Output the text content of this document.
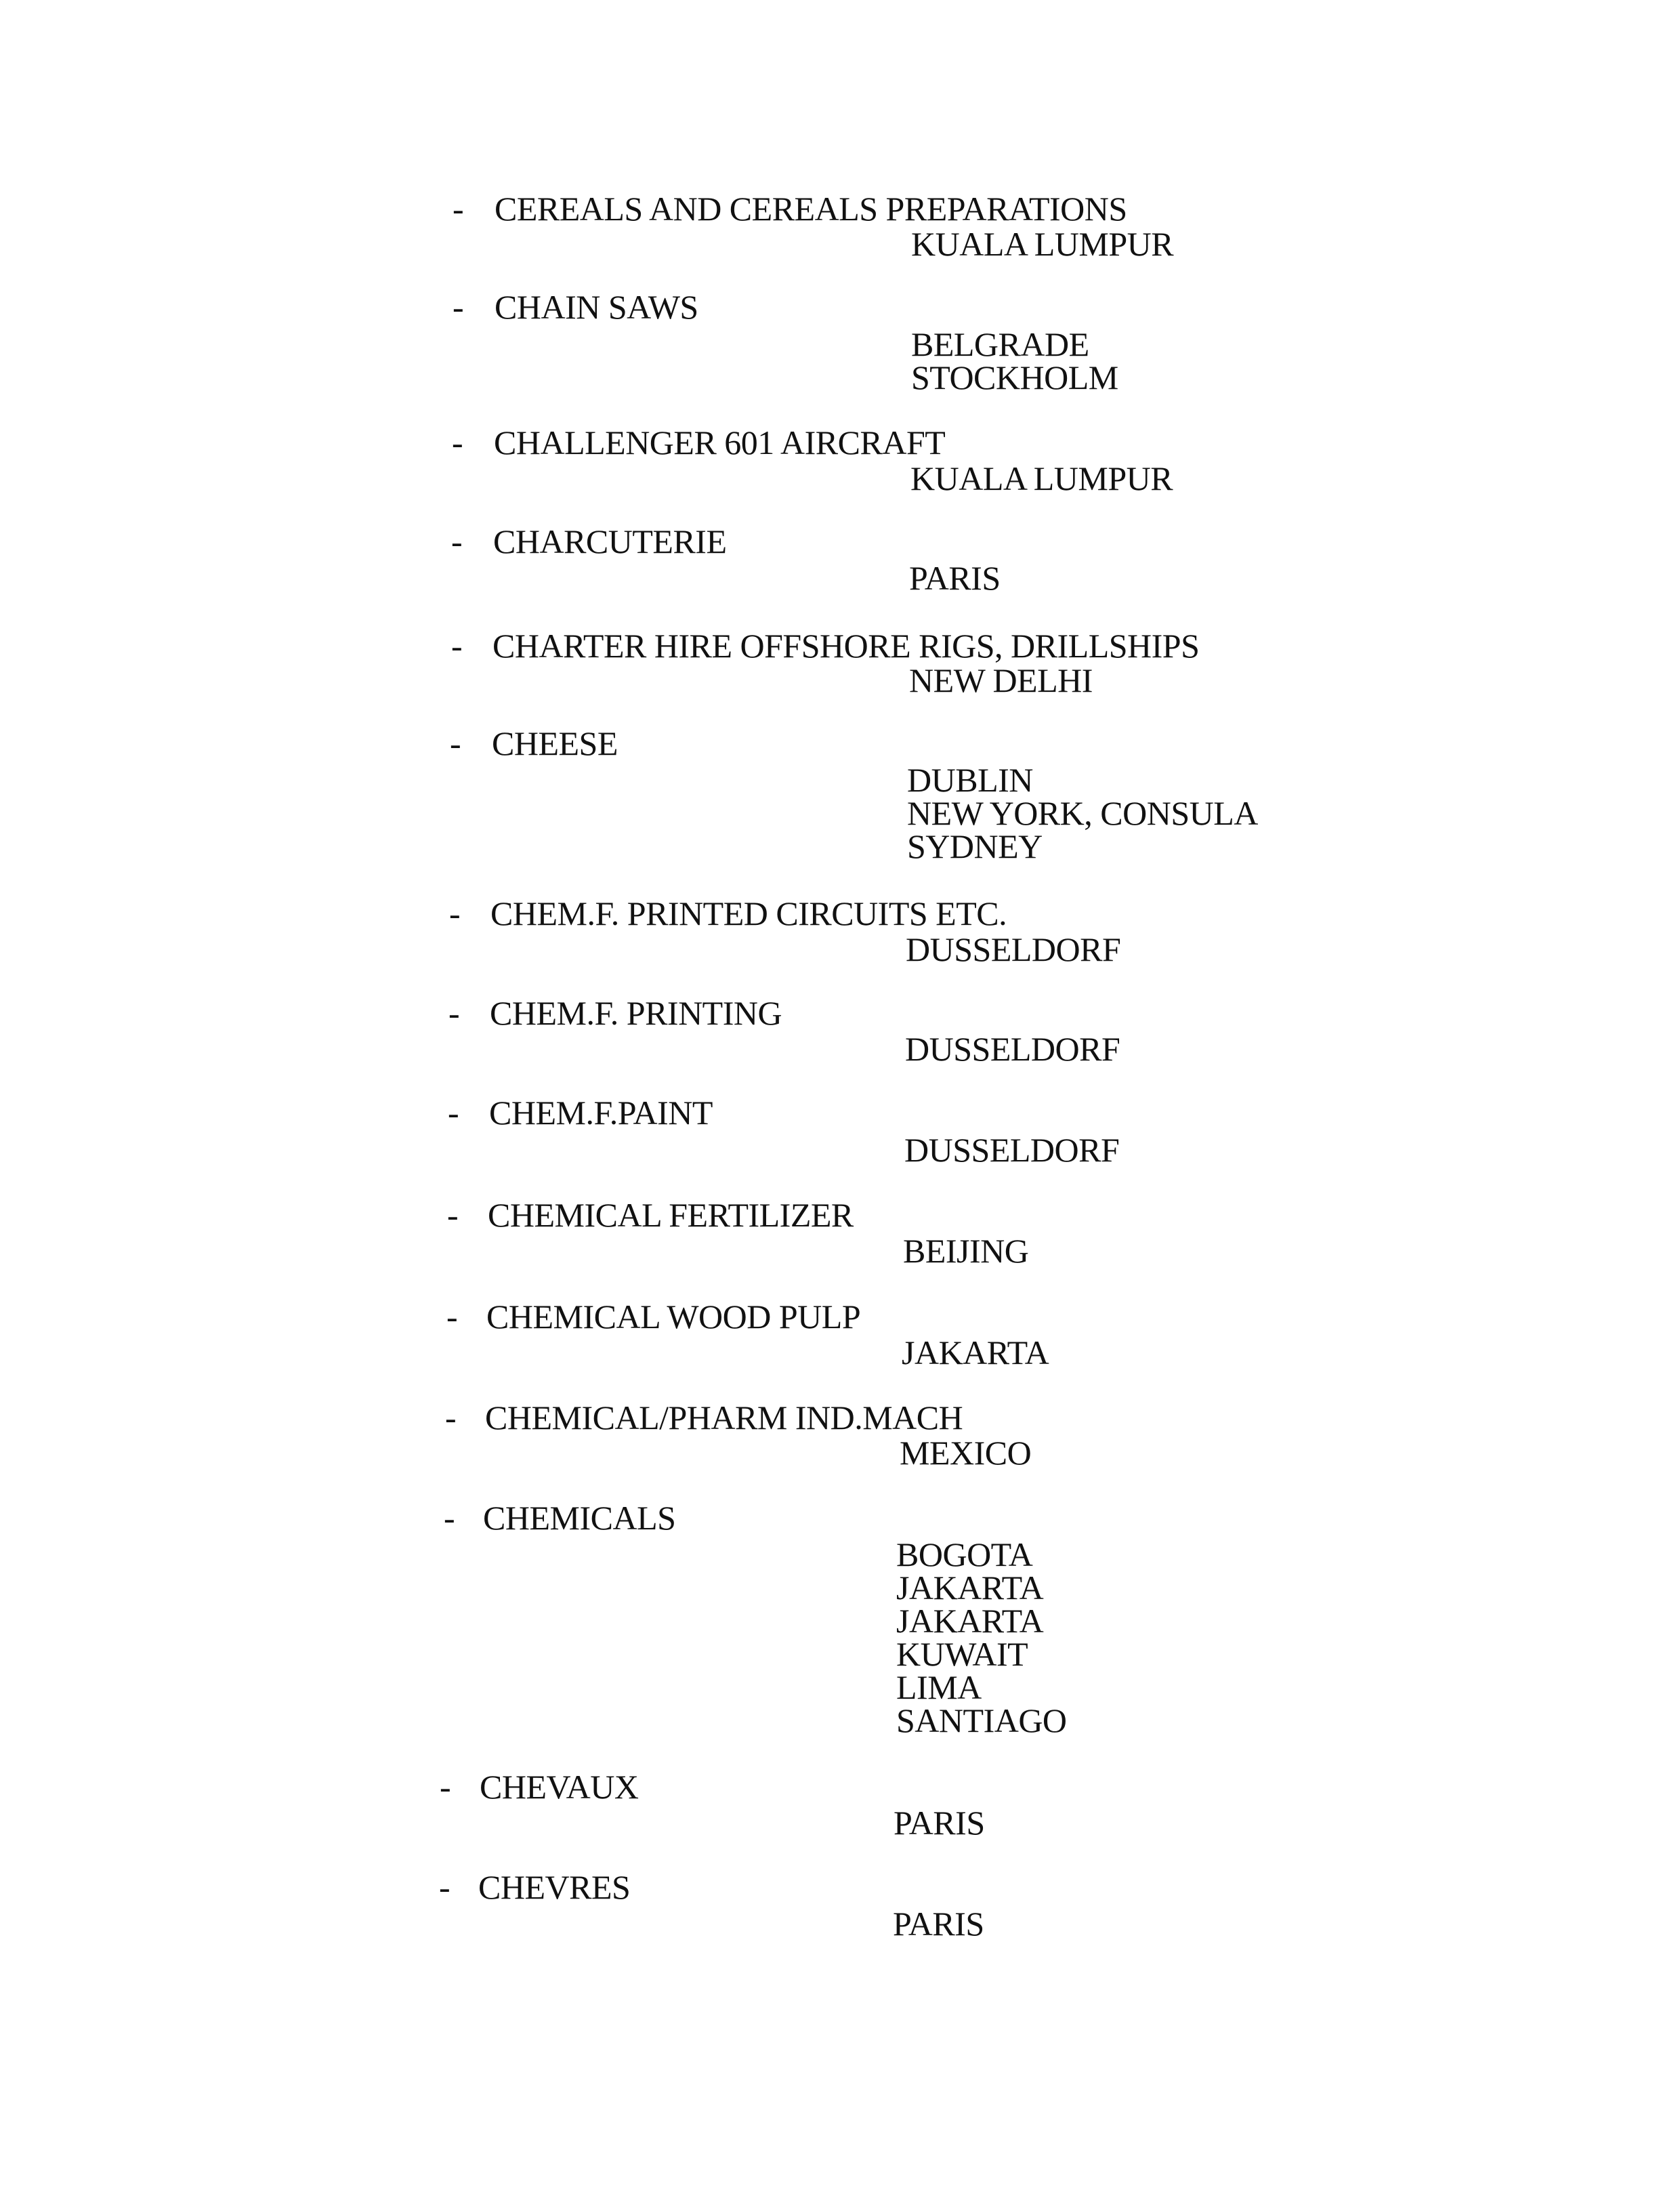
- CEREALS AND CEREALS PREPARATIONS
KUALA LUMPUR
- CHAIN SAWS
BELGRADE
STOCKHOLM
- CHALLENGER 601 AIRCRAFT
KUALA LUMPUR
- CHARCUTERIE
PARIS
- CHARTER HIRE OFFSHORE RIGS, DRILLSHIPS
NEW DELHI
- CHEESE
DUBLIN
NEW YORK, CONSULA
SYDNEY
- CHEM.F. PRINTED CIRCUITS ETC.
DUSSELDORF
- CHEM.F. PRINTING
DUSSELDORF
- CHEM.F.PAINT
DUSSELDORF
- CHEMICAL FERTILIZER
BEIJING
- CHEMICAL WOOD PULP
JAKARTA
- CHEMICAL/PHARM IND.MACH
MEXICO
- CHEMICALS
BOGOTA
JAKARTA
JAKARTA
KUWAIT
LIMA
SANTIAGO
- CHEVAUX
PARIS
- CHEVRES
PARIS
